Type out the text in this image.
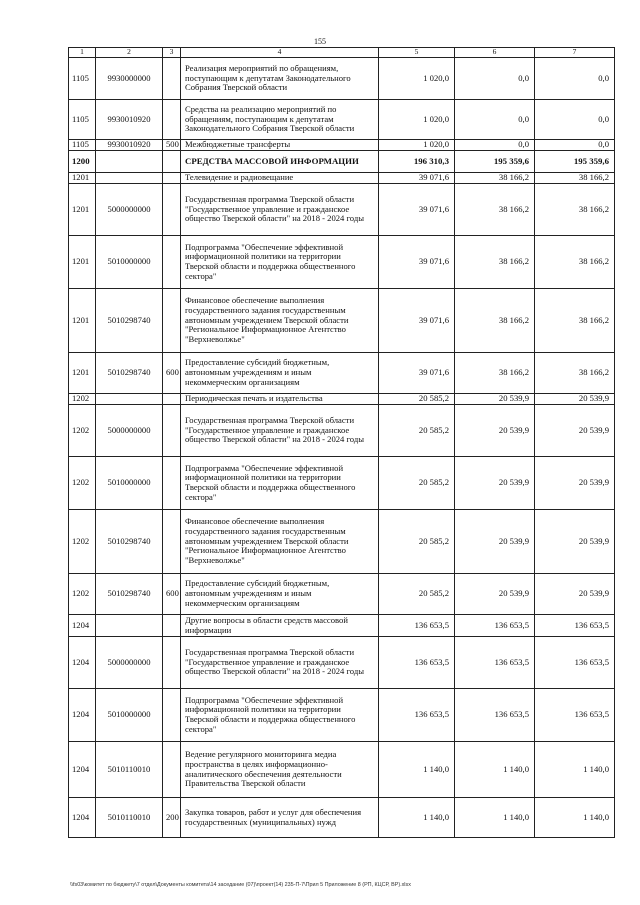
155
1	2	3	4	5	6	7
1105	9930000000		Реализация мероприятий по обращениям, поступающим к депутатам Законодательного Собрания Тверской области	1 020,0	0,0	0,0
1105	9930010920		Средства на реализацию мероприятий по обращениям, поступающим к депутатам Законодательного Собрания Тверской области	1 020,0	0,0	0,0
1105	9930010920	500	Межбюджетные трансферты	1 020,0	0,0	0,0
1200			СРЕДСТВА МАССОВОЙ ИНФОРМАЦИИ	196 310,3	195 359,6	195 359,6
1201			Телевидение и радиовещание	39 071,6	38 166,2	38 166,2
1201	5000000000		Государственная программа Тверской области "Государственное управление и гражданское общество Тверской области" на 2018 - 2024 годы	39 071,6	38 166,2	38 166,2
1201	5010000000		Подпрограмма "Обеспечение эффективной информационной политики на территории Тверской области и поддержка общественного сектора"	39 071,6	38 166,2	38 166,2
1201	5010298740		Финансовое обеспечение выполнения государственного задания государственным автономным учреждением Тверской области "Региональное Информационное Агентство "Верхневолжье"	39 071,6	38 166,2	38 166,2
1201	5010298740	600	Предоставление субсидий бюджетным, автономным учреждениям и иным некоммерческим организациям	39 071,6	38 166,2	38 166,2
1202			Периодическая печать и издательства	20 585,2	20 539,9	20 539,9
1202	5000000000		Государственная программа Тверской области "Государственное управление и гражданское общество Тверской области" на 2018 - 2024 годы	20 585,2	20 539,9	20 539,9
1202	5010000000		Подпрограмма "Обеспечение эффективной информационной политики на территории Тверской области и поддержка общественного сектора"	20 585,2	20 539,9	20 539,9
1202	5010298740		Финансовое обеспечение выполнения государственного задания государственным автономным учреждением Тверской области "Региональное Информационное Агентство "Верхневолжье"	20 585,2	20 539,9	20 539,9
1202	5010298740	600	Предоставление субсидий бюджетным, автономным учреждениям и иным некоммерческим организациям	20 585,2	20 539,9	20 539,9
1204			Другие вопросы в области средств массовой информации	136 653,5	136 653,5	136 653,5
1204	5000000000		Государственная программа Тверской области "Государственное управление и гражданское общество Тверской области" на 2018 - 2024 годы	136 653,5	136 653,5	136 653,5
1204	5010000000		Подпрограмма "Обеспечение эффективной информационной политики на территории Тверской области и поддержка общественного сектора"	136 653,5	136 653,5	136 653,5
1204	5010110010		Ведение регулярного мониторинга медиа пространства в целях информационно-аналитического обеспечения деятельности Правительства Тверской области	1 140,0	1 140,0	1 140,0
1204	5010110010	200	Закупка товаров, работ и услуг для обеспечения государственных (муниципальных) нужд	1 140,0	1 140,0	1 140,0
\\fs03\комитет по бюджету\7 отдел\Документы комитета\14 заседание (07)\проект(14) 235-П-7\Прил 5 Приложение 8 (РП, КЦСР, ВР).xlsx
